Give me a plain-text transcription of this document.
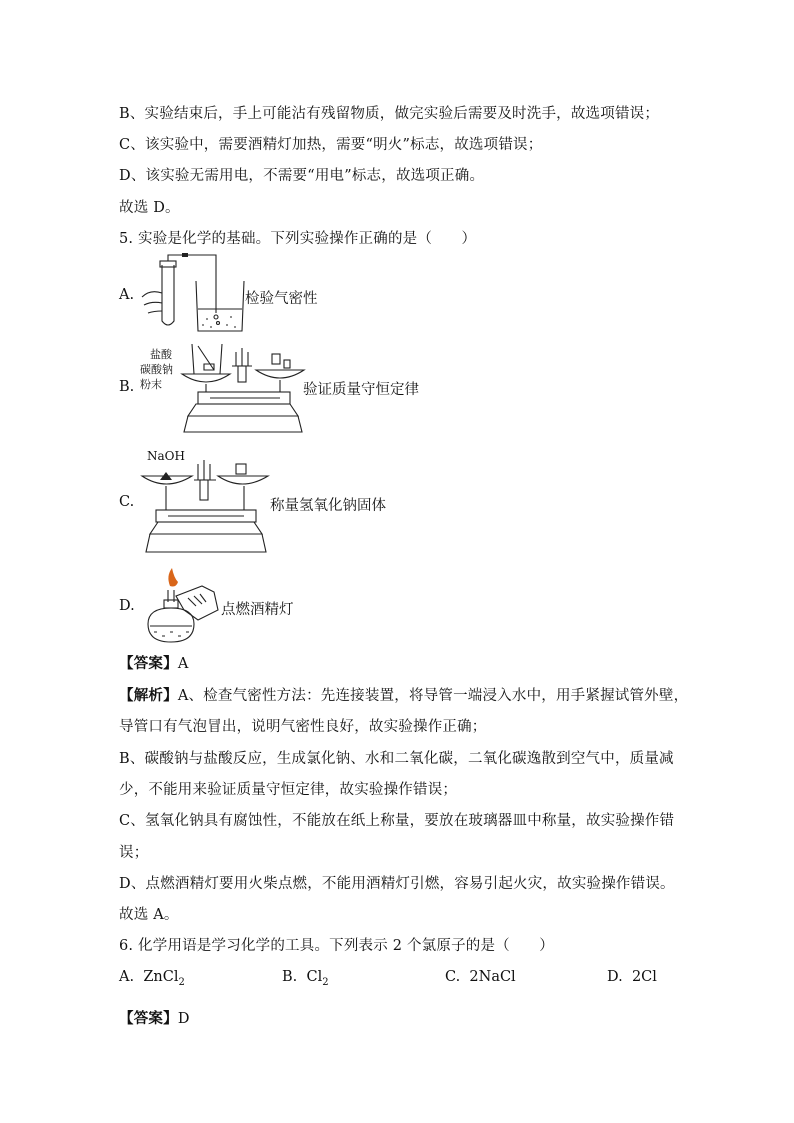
B、实验结束后，手上可能沾有残留物质，做完实验后需要及时洗手，故选项错误；
C、该实验中，需要酒精灯加热，需要“明火”标志，故选项错误；
D、该实验无需用电，不需要“用电”标志，故选项正确。
故选 D。
5. 实验是化学的基础。下列实验操作正确的是（　　）
A.	检验气密性
盐酸
碳酸钠
粉末
B.	验证质量守恒定律
NaOH
C.	称量氢氧化钠固体
D.	点燃酒精灯
【答案】A
【解析】A、检查气密性方法：先连接装置，将导管一端浸入水中，用手紧握试管外壁，
导管口有气泡冒出，说明气密性良好，故实验操作正确；
B、碳酸钠与盐酸反应，生成氯化钠、水和二氧化碳，二氧化碳逸散到空气中，质量减
少，不能用来验证质量守恒定律，故实验操作错误；
C、氢氧化钠具有腐蚀性，不能放在纸上称量，要放在玻璃器皿中称量，故实验操作错
误；
D、点燃酒精灯要用火柴点燃，不能用酒精灯引燃，容易引起火灾，故实验操作错误。
故选 A。
6. 化学用语是学习化学的工具。下列表示 2 个氯原子的是（　　）
A. ZnCl$_2$	B. $Cl_2$	C. 2NaCl	D. 2Cl
【答案】D
